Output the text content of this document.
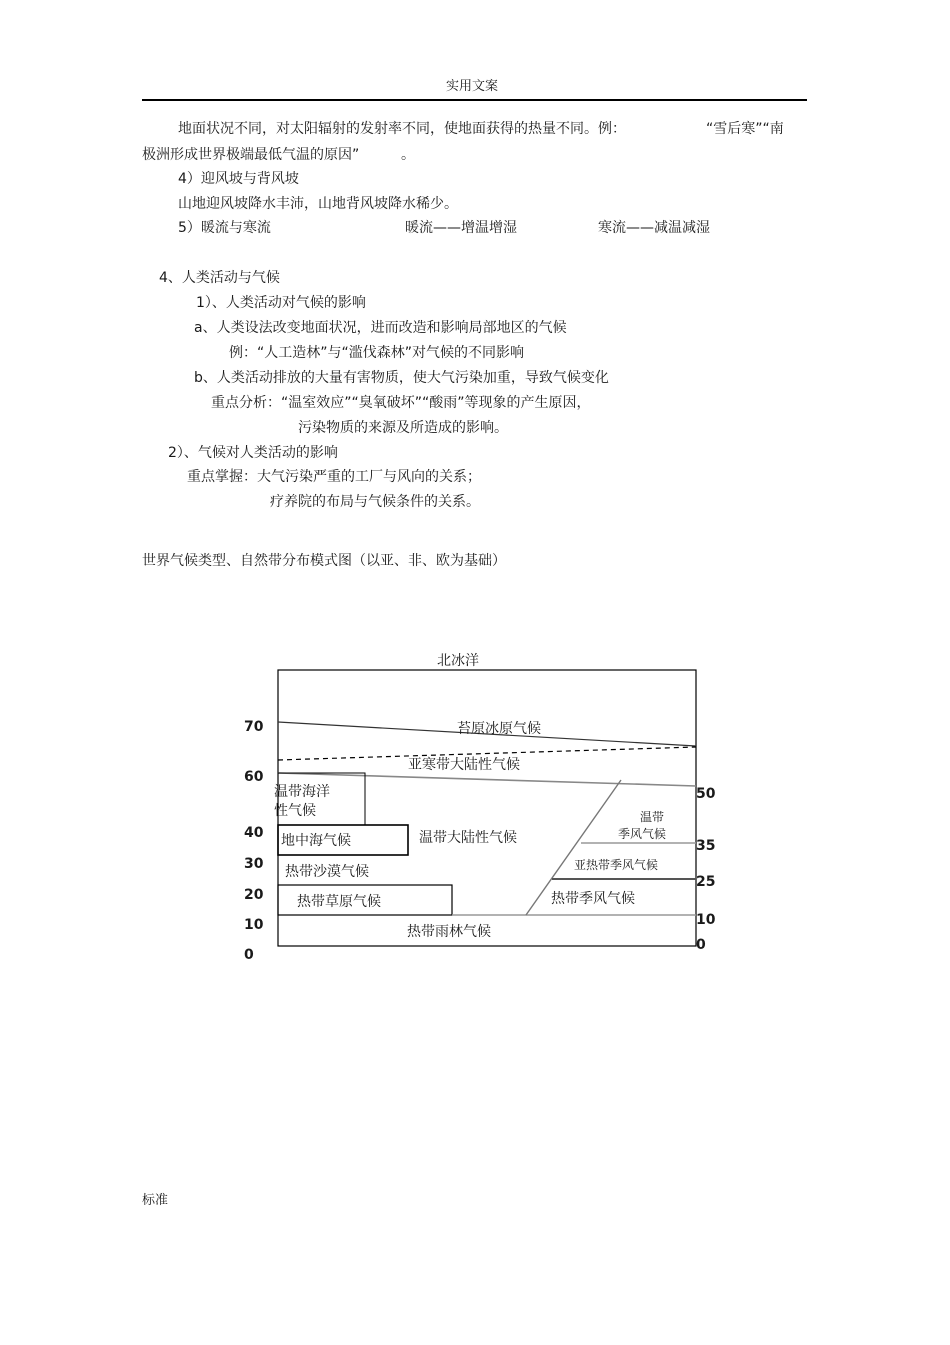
实用文案
地面状况不同，对太阳辐射的发射率不同，使地面获得的热量不同。例：	“雪后寒”“南
极洲形成世界极端最低气温的原因”	。
4）迎风坡与背风坡
山地迎风坡降水丰沛，山地背风坡降水稀少。
5）暖流与寒流	暖流——增温增湿	寒流——减温减湿
4、人类活动与气候
1）、人类活动对气候的影响
a、人类设法改变地面状况，进而改造和影响局部地区的气候
例：“人工造林”与“滥伐森林”对气候的不同影响
b、人类活动排放的大量有害物质，使大气污染加重，导致气候变化
重点分析：“温室效应”“臭氧破坏”“酸雨”等现象的产生原因，
污染物质的来源及所造成的影响。
2）、气候对人类活动的影响
重点掌握：大气污染严重的工厂与风向的关系；
疗养院的布局与气候条件的关系。
世界气候类型、自然带分布模式图（以亚、非、欧为基础）
北冰洋
苔原冰原气候
亚寒带大陆性气候
温带海洋
性气候
地中海气候	温带大陆性气候
热带沙漠气候
热带草原气候
热带雨林气候
温带
季风气候
亚热带季风气候
热带季风气候
70
60
40
30
20
10
0
50
35
25
10
0
标准
